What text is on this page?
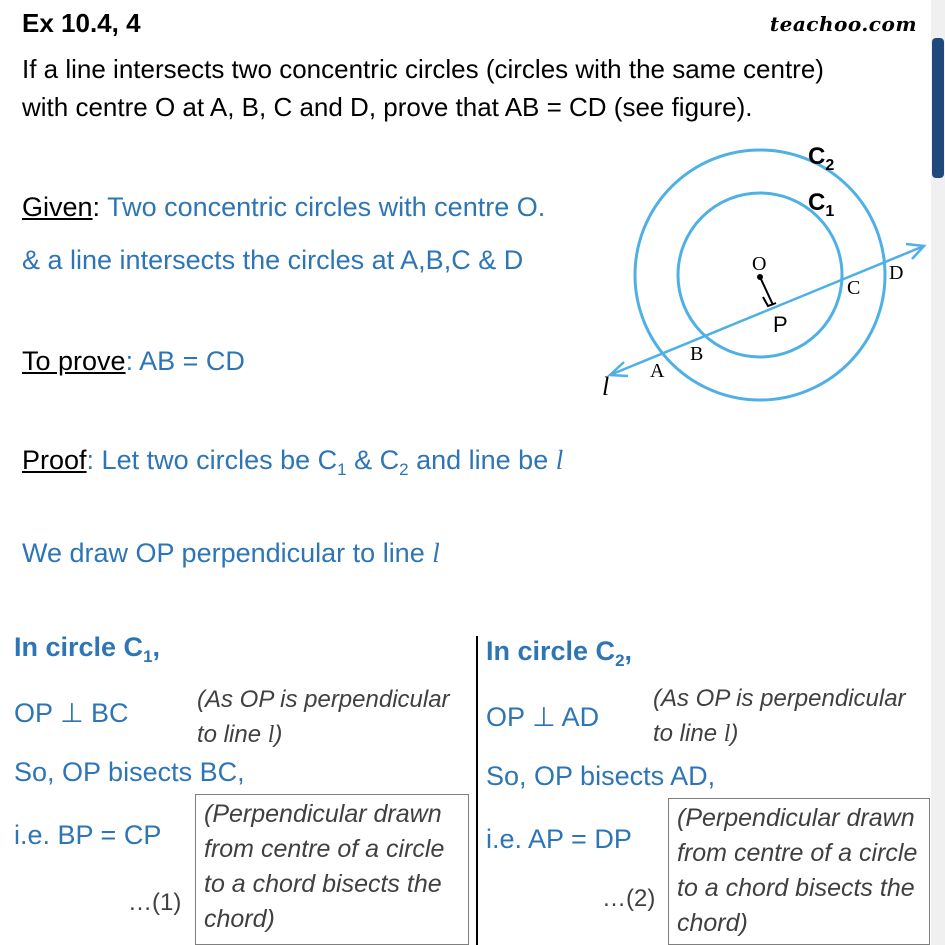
Ex 10.4, 4	teachoo.com
If a line intersects two concentric circles (circles with the same centre)
with centre O at A, B, C and D, prove that AB = CD (see figure).
Given: Two concentric circles with centre O.
& a line intersects the circles at A,B,C & D
To prove: AB = CD
Proof: Let two circles be $C_1$ & $C_2$ and line be l
We draw OP perpendicular to line l
$C_2$
$C_1$
O
P
A
B
C
D
l
In circle $C_1$,
OP ⊥ BC	(As OP is perpendicular to line l)
So, OP bisects BC,
i.e. BP = CP
…(1)
(Perpendicular drawn from centre of a circle to a chord bisects the chord)
In circle $C_2$,
OP ⊥ AD
(As OP is perpendicular to line l)
So, OP bisects AD,
i.e. AP = DP
…(2)
(Perpendicular drawn from centre of a circle to a chord bisects the chord)
